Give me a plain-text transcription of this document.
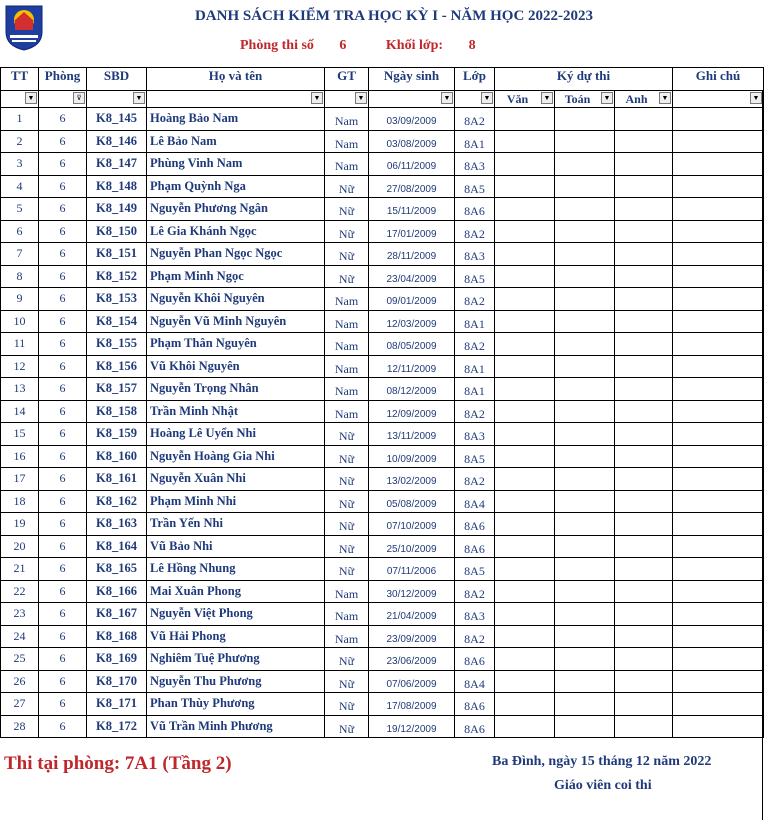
DANH SÁCH KIỂM TRA HỌC KỲ I - NĂM HỌC 2022-2023
Phòng thi số 6	Khối lớp: 8
TT	Phòng	SBD	Họ và tên	GT	Ngày sinh	Lớp	Ký dự thi			Ghi chú

▼	⊽	▼	▼	▼	▼	▼	Văn ▼	Toán ▼	Anh ▼	▼

1	6	K8_145	Hoàng Bảo Nam	Nam	03/09/2009	8A2				
2	6	K8_146	Lê Bảo Nam	Nam	03/08/2009	8A1				
3	6	K8_147	Phùng Vinh Nam	Nam	06/11/2009	8A3				
4	6	K8_148	Phạm Quỳnh Nga	Nữ	27/08/2009	8A5				
5	6	K8_149	Nguyễn Phương Ngân	Nữ	15/11/2009	8A6				
6	6	K8_150	Lê Gia Khánh Ngọc	Nữ	17/01/2009	8A2				
7	6	K8_151	Nguyễn Phan Ngọc Ngọc	Nữ	28/11/2009	8A3				
8	6	K8_152	Phạm Minh Ngọc	Nữ	23/04/2009	8A5				
9	6	K8_153	Nguyễn Khôi Nguyên	Nam	09/01/2009	8A2				
10	6	K8_154	Nguyễn Vũ Minh Nguyên	Nam	12/03/2009	8A1				
11	6	K8_155	Phạm Thân Nguyên	Nam	08/05/2009	8A2				
12	6	K8_156	Vũ Khôi Nguyên	Nam	12/11/2009	8A1				
13	6	K8_157	Nguyễn Trọng Nhân	Nam	08/12/2009	8A1				
14	6	K8_158	Trần Minh Nhật	Nam	12/09/2009	8A2				
15	6	K8_159	Hoàng Lê Uyển Nhi	Nữ	13/11/2009	8A3				
16	6	K8_160	Nguyễn Hoàng Gia Nhi	Nữ	10/09/2009	8A5				
17	6	K8_161	Nguyễn Xuân Nhi	Nữ	13/02/2009	8A2				
18	6	K8_162	Phạm Minh Nhi	Nữ	05/08/2009	8A4				
19	6	K8_163	Trần Yến Nhi	Nữ	07/10/2009	8A6				
20	6	K8_164	Vũ Bảo Nhi	Nữ	25/10/2009	8A6				
21	6	K8_165	Lê Hồng Nhung	Nữ	07/11/2006	8A5				
22	6	K8_166	Mai Xuân Phong	Nam	30/12/2009	8A2				
23	6	K8_167	Nguyễn Việt Phong	Nam	21/04/2009	8A3				
24	6	K8_168	Vũ Hải Phong	Nam	23/09/2009	8A2				
25	6	K8_169	Nghiêm Tuệ Phương	Nữ	23/06/2009	8A6				
26	6	K8_170	Nguyễn Thu Phương	Nữ	07/06/2009	8A4				
27	6	K8_171	Phan Thùy Phương	Nữ	17/08/2009	8A6				
28	6	K8_172	Vũ Trần Minh Phương	Nữ	19/12/2009	8A6				
Thi tại phòng: 7A1 (Tầng 2)	Ba Đình, ngày 15 tháng 12 năm 2022
Giáo viên coi thi
